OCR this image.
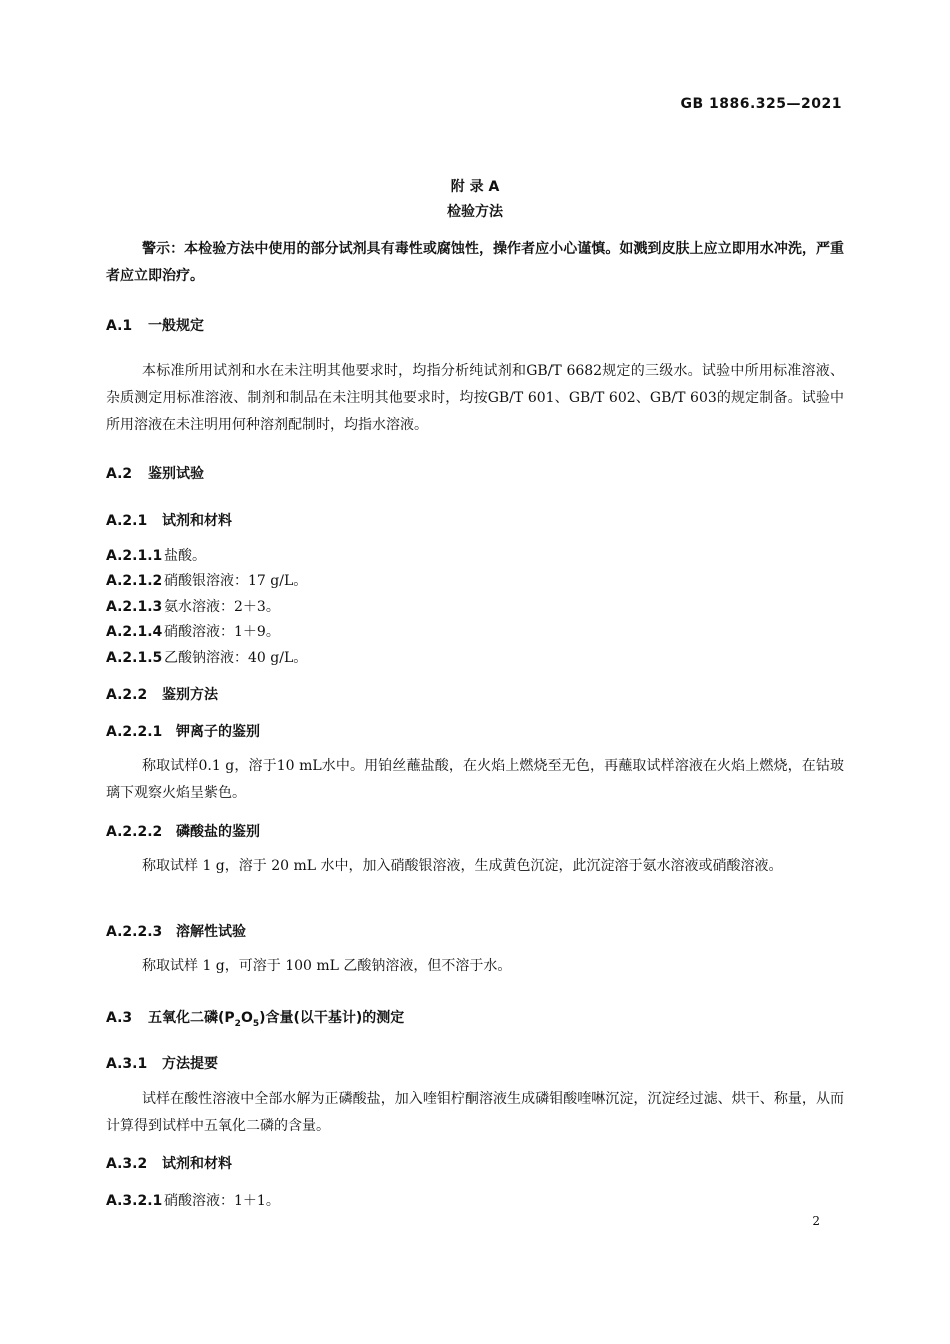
GB 1886.325—2021
附 录 A
检验方法

警示：本检验方法中使用的部分试剂具有毒性或腐蚀性，操作者应小心谨慎。如溅到皮肤上应立即用水冲洗，严重者应立即治疗。

A.1 一般规定

本标准所用试剂和水在未注明其他要求时，均指分析纯试剂和GB/T 6682规定的三级水。试验中所用标准溶液、杂质测定用标准溶液、制剂和制品在未注明其他要求时，均按GB/T 601、GB/T 602、GB/T 603的规定制备。试验中所用溶液在未注明用何种溶剂配制时，均指水溶液。

A.2 鉴别试验
A.2.1 试剂和材料
A.2.1.1 盐酸。
A.2.1.2 硝酸银溶液：17 g/L。
A.2.1.3 氨水溶液：2＋3。
A.2.1.4 硝酸溶液：1＋9。
A.2.1.5 乙酸钠溶液：40 g/L。
A.2.2 鉴别方法
A.2.2.1 钾离子的鉴别

称取试样0.1 g，溶于10 mL水中。用铂丝蘸盐酸，在火焰上燃烧至无色，再蘸取试样溶液在火焰上燃烧，在钴玻璃下观察火焰呈紫色。

A.2.2.2 磷酸盐的鉴别

称取试样 1 g，溶于 20 mL 水中，加入硝酸银溶液，生成黄色沉淀，此沉淀溶于氨水溶液或硝酸溶液。

A.2.2.3 溶解性试验

称取试样 1 g，可溶于 100 mL 乙酸钠溶液，但不溶于水。

A.3 五氧化二磷$(P_2O_5)$含量(以干基计)的测定
A.3.1 方法提要

试样在酸性溶液中全部水解为正磷酸盐，加入喹钼柠酮溶液生成磷钼酸喹啉沉淀，沉淀经过滤、烘干、称量，从而计算得到试样中五氧化二磷的含量。

A.3.2 试剂和材料
A.3.2.1 硝酸溶液：1＋1。
2
